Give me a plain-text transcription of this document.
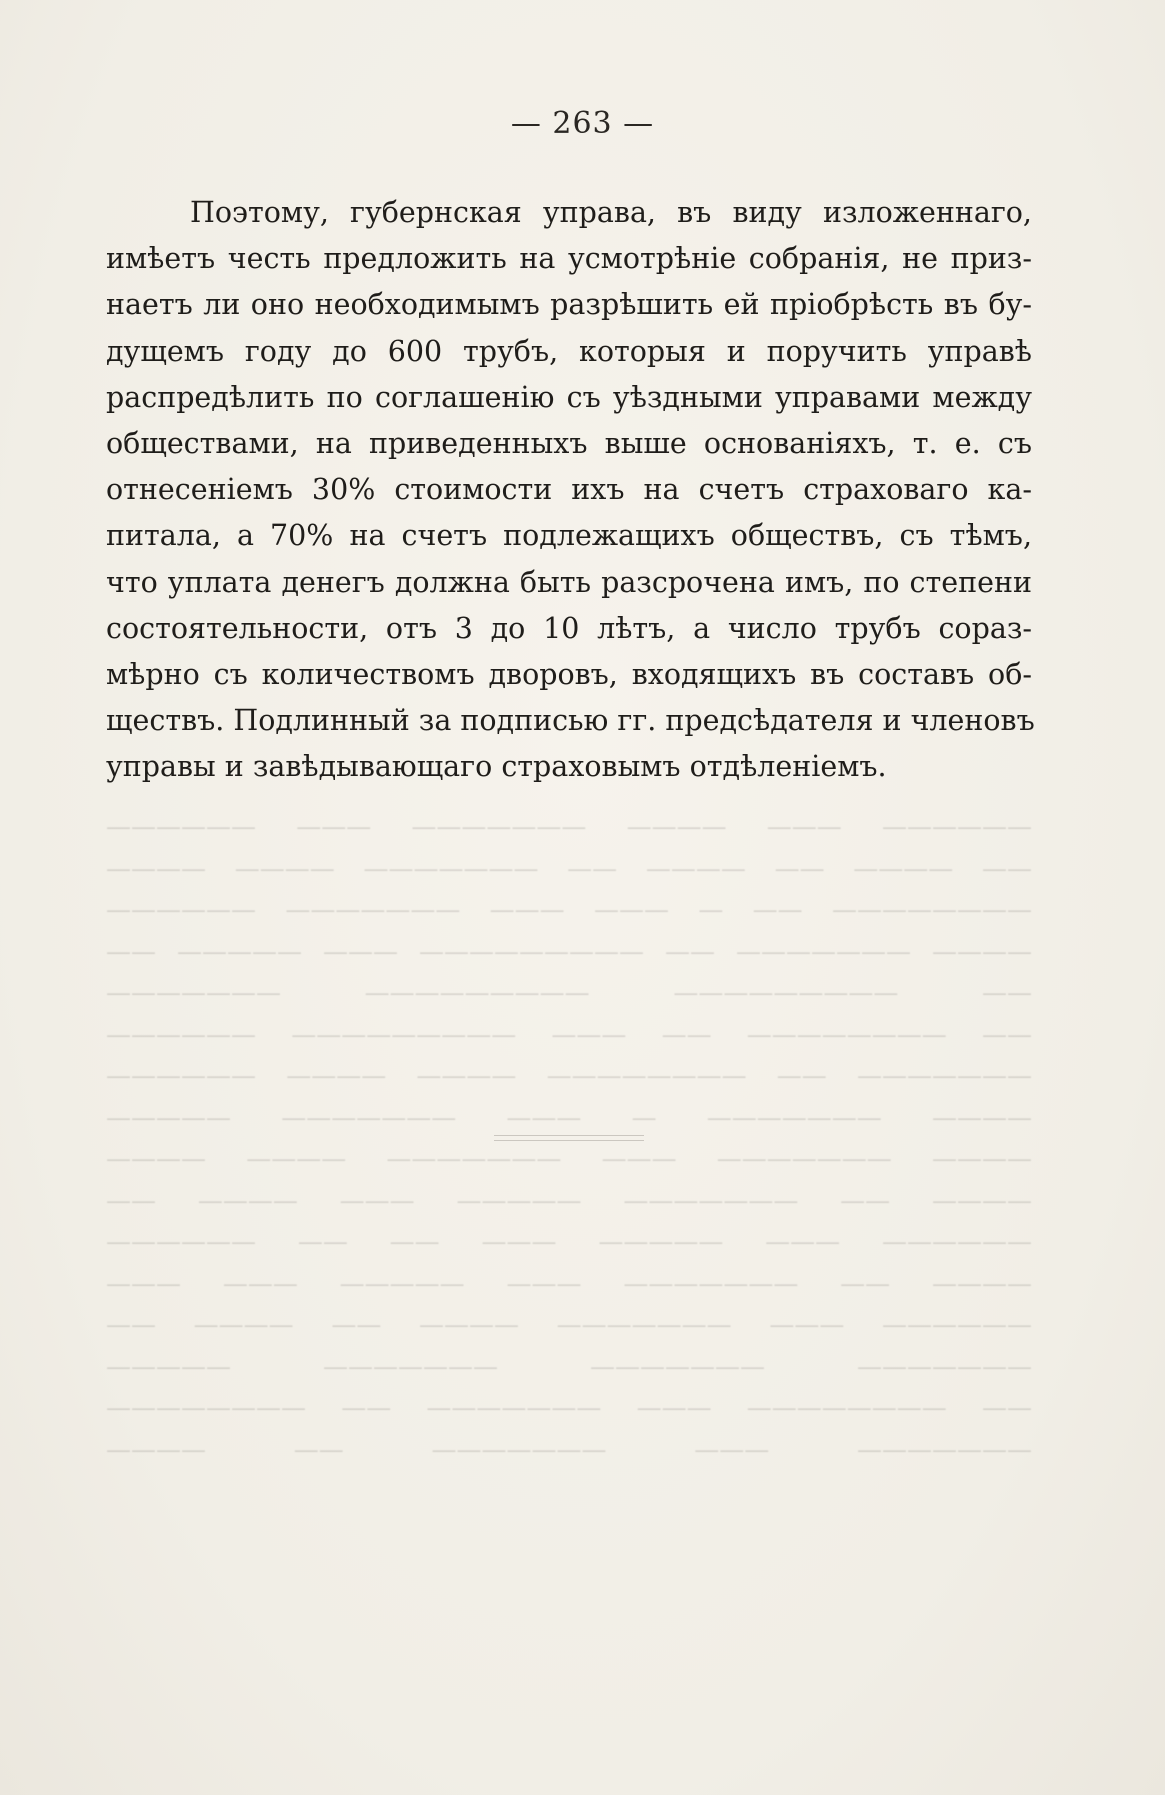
— 263 —
Поэтому, губернская управа, въ виду изложеннаго,
имѣетъ честь предложить на усмотрѣніе собранія, не приз-
наетъ ли оно необходимымъ разрѣшить ей пріобрѣсть въ бу-
дущемъ году до 600 трубъ, которыя и поручить управѣ
распредѣлить по соглашенію съ уѣздными управами между
обществами, на приведенныхъ выше основаніяхъ, т. е. съ
отнесеніемъ 30% стоимости ихъ на счетъ страховаго ка-
питала, а 70% на счетъ подлежащихъ обществъ, съ тѣмъ,
что уплата денегъ должна быть разсрочена имъ, по степени
состоятельности, отъ 3 до 10 лѣтъ, а число трубъ сораз-
мѣрно съ количествомъ дворовъ, входящихъ въ составъ об-
ществъ. Подлинный за подписью гг. предсѣдателя и членовъ
управы и завѣдывающаго страховымъ отдѣленіемъ.
—————— ——— ———— ——————— ——— ——————
—— ———— —— ———— —— ——————— ———— ————
———————— —— — ——— ——— ——————— ——————
———— ——————— —— ————————— ——— ————— ——
—— ————————— ————————— ———————
—— ———————— —— ——— ————————— ——————
——————— —— ———————— ———— ———— ——————
———— ——————— — ——— ——————— —————
———— ——————— ——— ——————— ———— ————
———— —— ——————— ————— ——— ———— ——
—————— ——— ————— ——— —— —— ——————
———— —— ——————— ——— ————— ——— ———
—————— ——— ——————— ———— —— ———— ——
——————— ——————— ——————— —————
—— ———————— ——— ——————— —— ————————
——————— ——— ——————— —— ————
